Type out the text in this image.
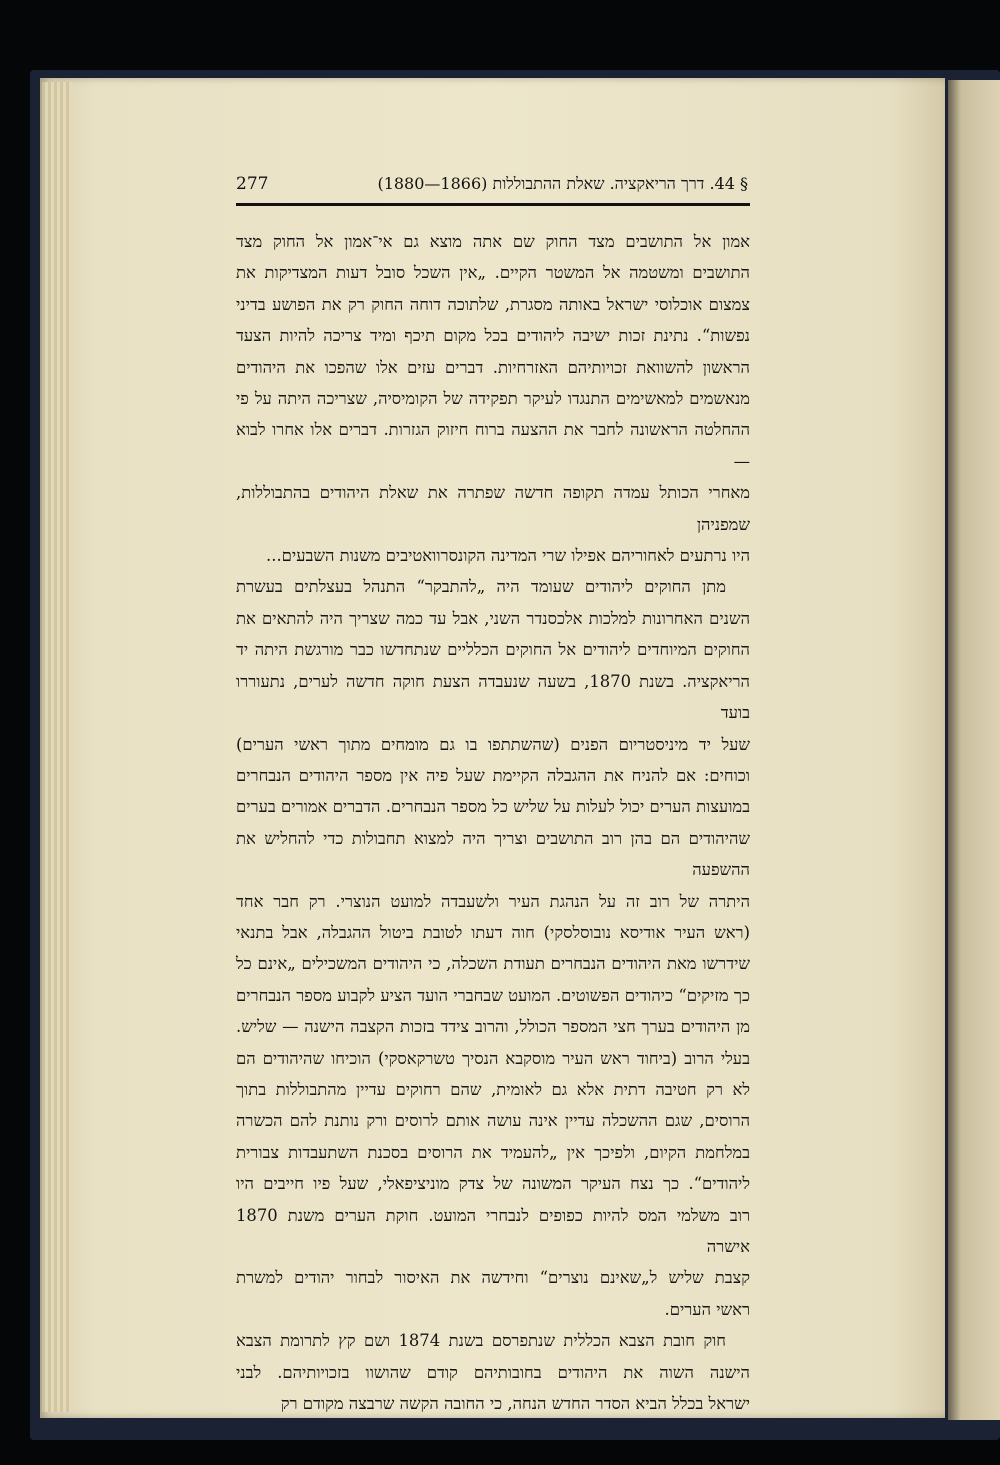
277	§ 44. דרך הריאקציה. שאלת ההתבוללות (1866—1880)

אמון אל התושבים מצד החוק שם אתה מוצא גם אי־אמון אל החוק מצד

התושבים ומשטמה אל המשטר הקיים. „אין השכל סובל דעות המצדיקות את

צמצום אוכלוסי ישראל באותה מסגרת, שלתוכה דוחה החוק רק את הפושע בדיני

נפשות“. נתינת זכות ישיבה ליהודים בכל מקום תיכף ומיד צריכה להיות הצעד

הראשון להשוואת זכויותיהם האזרחיות. דברים עזים אלו שהפכו את היהודים

מנאשמים למאשימים התנגדו לעיקר תפקידה של הקומיסיה, שצריכה היתה על פי

ההחלטה הראשונה לחבר את ההצעה ברוח חיזוק הגזרות. דברים אלו אחרו לבוא —

מאחרי הכותל עמדה תקופה חדשה שפתרה את שאלת היהודים בהתבוללות, שמפניהן

היו נרתעים לאחוריהם אפילו שרי המדינה הקונסרוואטיבים משנות השבעים...

מתן החוקים ליהודים שעומד היה „להתבקר“ התנהל בעצלתים בעשרת

השנים האחרונות למלכות אלכסנדר השני, אבל עד כמה שצריך היה להתאים את

החוקים המיוחדים ליהודים אל החוקים הכלליים שנתחדשו כבר מורגשת היתה יד

הריאקציה. בשנת 1870, בשעה שנעבדה הצעת חוקה חדשה לערים, נתעוררו בועד

שעל יד מיניסטריום הפנים (שהשתתפו בו גם מומחים מתוך ראשי הערים)

וכוחים: אם להניח את ההגבלה הקיימת שעל פיה אין מספר היהודים הנבחרים

במועצות הערים יכול לעלות על שליש כל מספר הנבחרים. הדברים אמורים בערים

שהיהודים הם בהן רוב התושבים וצריך היה למצוא תחבולות כדי להחליש את ההשפעה

היתרה של רוב זה על הנהגת העיר ולשעבדה למועט הנוצרי. רק חבר אחד

(ראש העיר אודיסא נובוסלסקי) חוה דעתו לטובת ביטול ההגבלה, אבל בתנאי

שידרשו מאת היהודים הנבחרים תעודת השכלה, כי היהודים המשכילים „אינם כל

כך מזיקים“ כיהודים הפשוטים. המועט שבחברי הועד הציע לקבוע מספר הנבחרים

מן היהודים בערך חצי המספר הכולל, והרוב צידד בזכות הקצבה הישנה — שליש.

בעלי הרוב (ביחוד ראש העיר מוסקבא הנסיך טשרקאסקי) הוכיחו שהיהודים הם

לא רק חטיבה דתית אלא גם לאומית, שהם רחוקים עדיין מהתבוללות בתוך

הרוסים, שגם ההשכלה עדיין אינה עושה אותם לרוסים ורק נותנת להם הכשרה

במלחמת הקיום, ולפיכך אין „להעמיד את הרוסים בסכנת השתעבדות צבורית

ליהודים“. כך נצח העיקר המשונה של צדק מוניציפאלי, שעל פיו חייבים היו

רוב משלמי המס להיות כפופים לנבחרי המועט. חוקת הערים משנת 1870 אישרה

קצבת שליש ל„שאינם נוצרים“ וחידשה את האיסור לבחור יהודים למשרת

ראשי הערים.

חוק חובת הצבא הכללית שנתפרסם בשנת 1874 ושם קץ לתרומת הצבא

הישנה השוה את היהודים בחובותיהם קודם שהושוו בזכויותיהם. לבני

ישראל בכלל הביא הסדר החדש הנחה, כי החובה הקשה שרבצה מקודם רק
